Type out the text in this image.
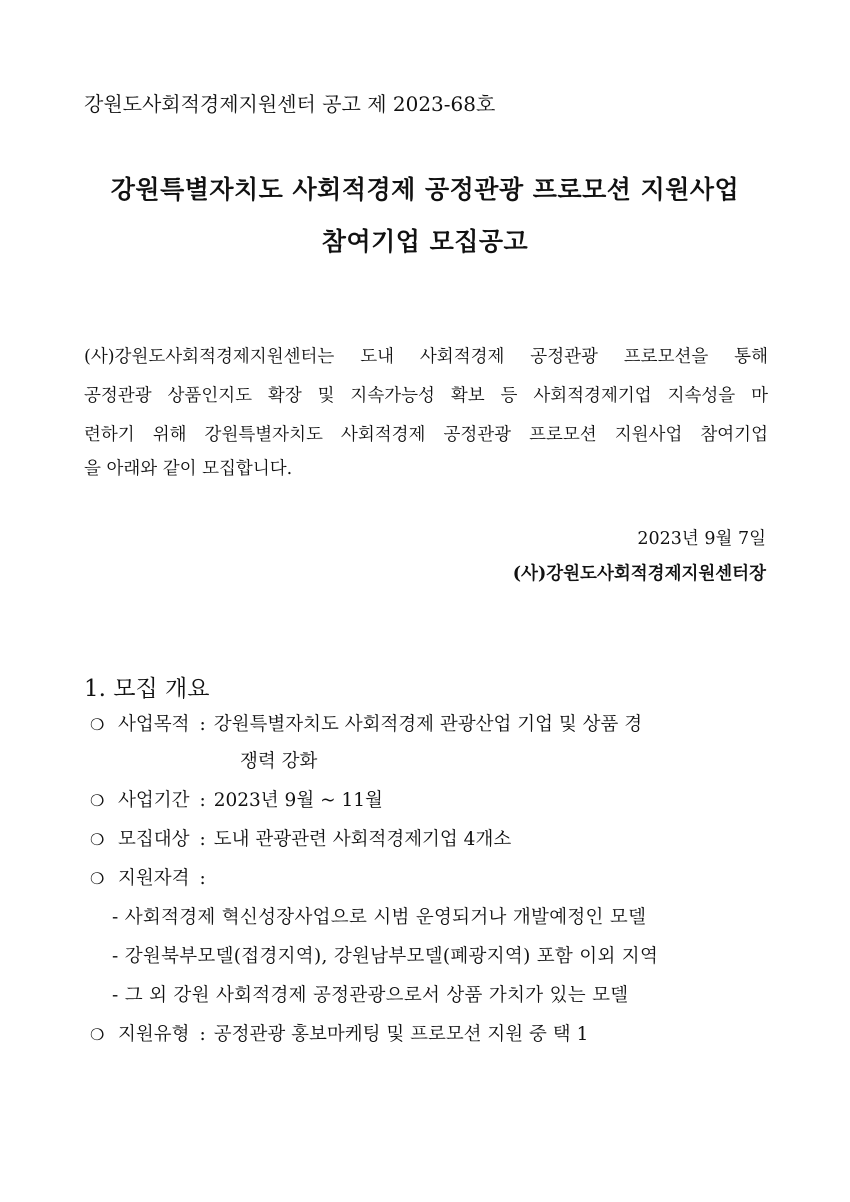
강원도사회적경제지원센터 공고 제 2023-68호
강원특별자치도 사회적경제 공정관광 프로모션 지원사업
참여기업 모집공고
(사)강원도사회적경제지원센터는 도내 사회적경제 공정관광 프로모션을 통해
공정관광 상품인지도 확장 및 지속가능성 확보 등 사회적경제기업 지속성을 마
련하기 위해 강원특별자치도 사회적경제 공정관광 프로모션 지원사업 참여기업
을 아래와 같이 모집합니다.
2023년 9월 7일
(사)강원도사회적경제지원센터장
1. 모집 개요
❍ 사업목적 : 강원특별자치도 사회적경제 관광산업 기업 및 상품 경
쟁력 강화
❍ 사업기간 : 2023년 9월 ~ 11월
❍ 모집대상 : 도내 관광관련 사회적경제기업 4개소
❍ 지원자격 :
- 사회적경제 혁신성장사업으로 시범 운영되거나 개발예정인 모델
- 강원북부모델(접경지역), 강원남부모델(폐광지역) 포함 이외 지역
- 그 외 강원 사회적경제 공정관광으로서 상품 가치가 있는 모델
❍ 지원유형 : 공정관광 홍보마케팅 및 프로모션 지원 중 택 1
